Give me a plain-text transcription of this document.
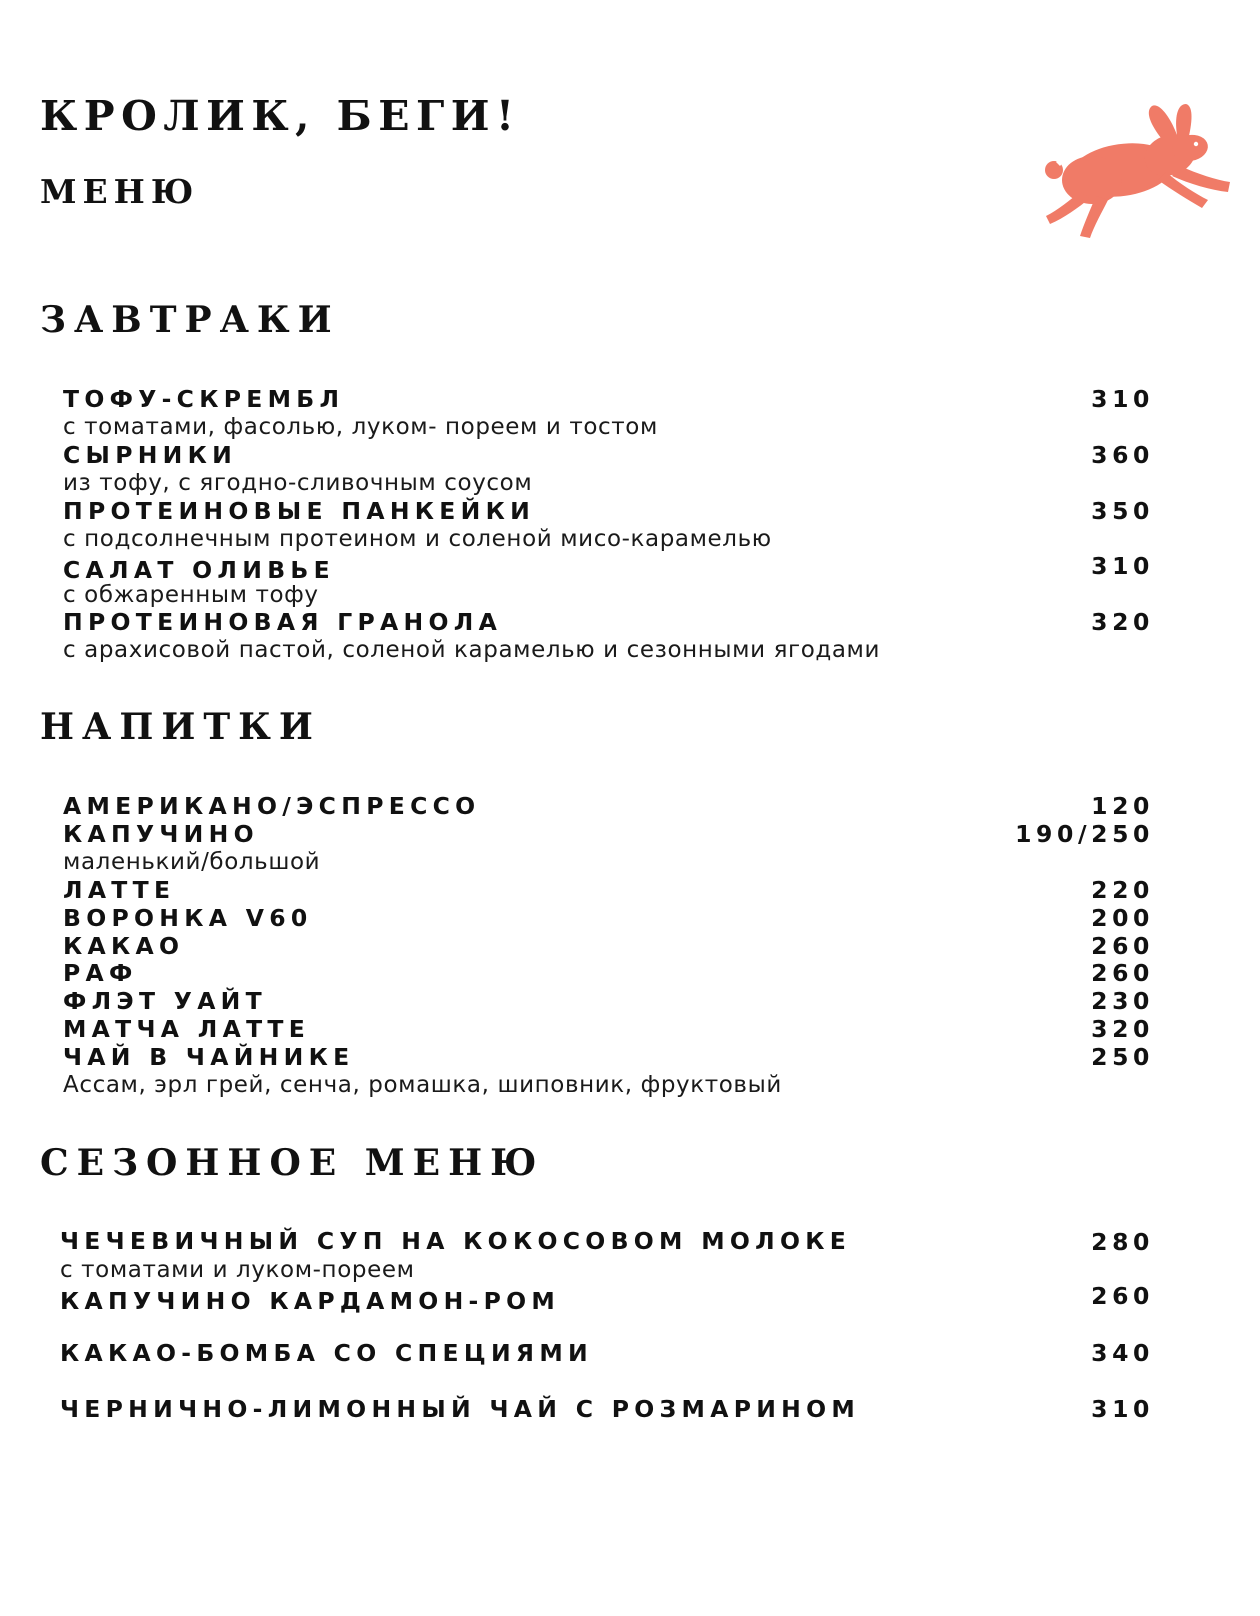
КРОЛИК, БЕГИ!
МЕНЮ
ЗАВТРАКИ

ТОФУ-СКРЕМБЛ	310

с томатами, фасолью, луком- пореем и тостом

СЫРНИКИ	360

из тофу, с ягодно-сливочным соусом

ПРОТЕИНОВЫЕ ПАНКЕЙКИ	350

с подсолнечным протеином и соленой мисо-карамелью

САЛАТ ОЛИВЬЕ	310

с обжаренным тофу

ПРОТЕИНОВАЯ ГРАНОЛА	320

с арахисовой пастой, соленой карамелью и сезонными ягодами

НАПИТКИ

АМЕРИКАНО/ЭСПРЕССО	120

КАПУЧИНО	190/250

маленький/большой

ЛАТТЕ	220

ВОРОНКА V60	200

КАКАО	260

РАФ	260

ФЛЭТ УАЙТ	230

МАТЧА ЛАТТЕ	320

ЧАЙ В ЧАЙНИКЕ	250

Ассам, эрл грей, сенча, ромашка, шиповник, фруктовый

СЕЗОННОЕ МЕНЮ

ЧЕЧЕВИЧНЫЙ СУП НА КОКОСОВОМ МОЛОКЕ	280

с томатами и луком-пореем

КАПУЧИНО КАРДАМОН-РОМ	260

КАКАО-БОМБА СО СПЕЦИЯМИ	340

ЧЕРНИЧНО-ЛИМОННЫЙ ЧАЙ С РОЗМАРИНОМ	310
